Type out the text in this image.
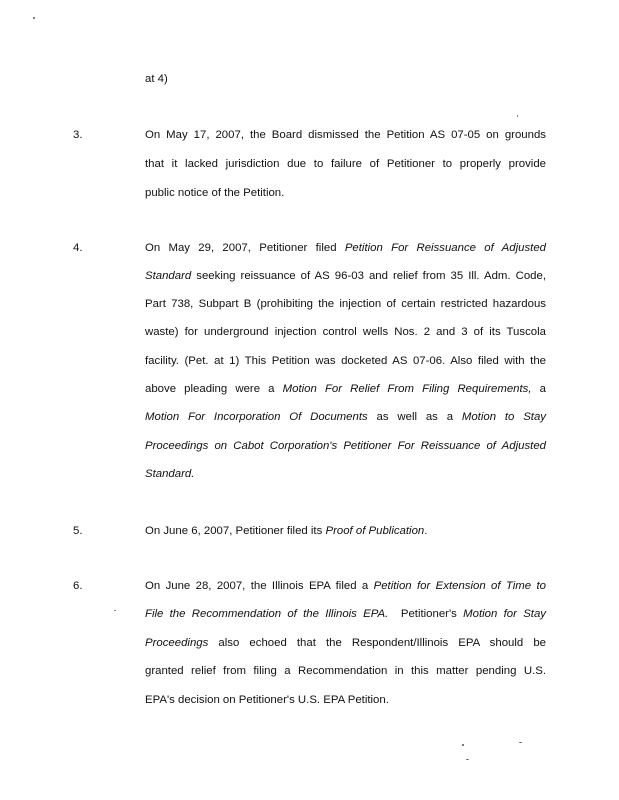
at 4)
3.	On May 17, 2007, the Board dismissed the Petition AS 07-05 on grounds
that it lacked jurisdiction due to failure of Petitioner to properly provide
public notice of the Petition.
4.	On May 29, 2007, Petitioner filed Petition For Reissuance of Adjusted
Standard seeking reissuance of AS 96-03 and relief from 35 Ill. Adm. Code,
Part 738, Subpart B (prohibiting the injection of certain restricted hazardous
waste) for underground injection control wells Nos. 2 and 3 of its Tuscola
facility. (Pet. at 1) This Petition was docketed AS 07-06. Also filed with the
above pleading were a Motion For Relief From Filing Requirements, a
Motion For Incorporation Of Documents as well as a Motion to Stay
Proceedings on Cabot Corporation's Petitioner For Reissuance of Adjusted
Standard.
5.	On June 6, 2007, Petitioner filed its Proof of Publication.
6.	On June 28, 2007, the Illinois EPA filed a Petition for Extension of Time to
File the Recommendation of the Illinois EPA.  Petitioner's Motion for Stay
Proceedings also echoed that the Respondent/Illinois EPA should be
granted relief from filing a Recommendation in this matter pending U.S.
EPA's decision on Petitioner's U.S. EPA Petition.
